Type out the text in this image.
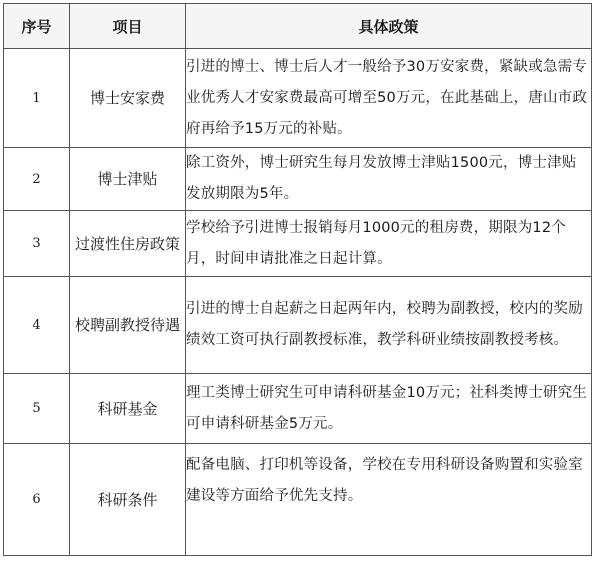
序号	项目	具体政策
1	博士安家费	引进的博士、博士后人才一般给予30万安家费，紧缺或急需专业优秀人才安家费最高可增至50万元，在此基础上，唐山市政府再给予15万元的补贴。
2	博士津贴	除工资外，博士研究生每月发放博士津贴1500元，博士津贴发放期限为5年。
3	过渡性住房政策	学校给予引进博士报销每月1000元的租房费，期限为12个月，时间申请批准之日起计算。
4	校聘副教授待遇	引进的博士自起薪之日起两年内，校聘为副教授，校内的奖励绩效工资可执行副教授标准，教学科研业绩按副教授考核。
5	科研基金	理工类博士研究生可申请科研基金10万元；社科类博士研究生可申请科研基金5万元。
6	科研条件	配备电脑、打印机等设备，学校在专用科研设备购置和实验室建设等方面给予优先支持。
